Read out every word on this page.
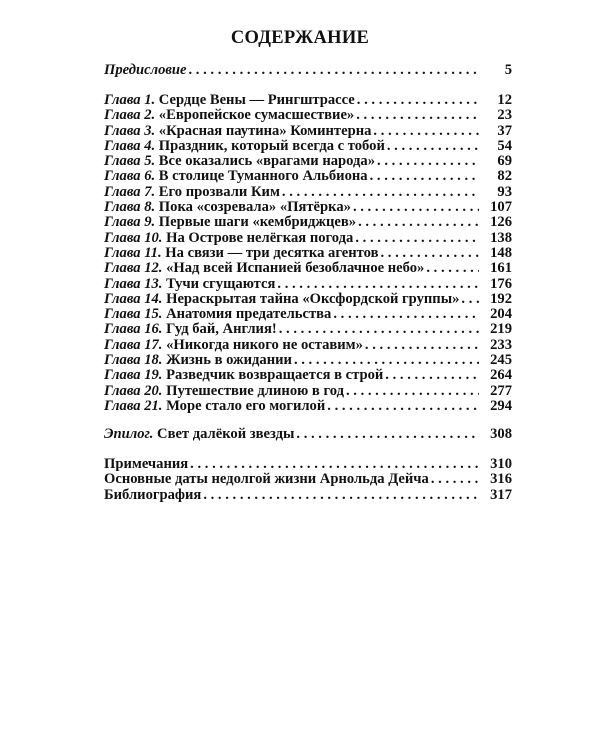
СОДЕРЖАНИЕ
Предисловие . . .	5
Глава 1. Сердце Вены — Рингштрассе . . .	12
Глава 2. «Европейское сумасшествие» . . .	23
Глава 3. «Красная паутина» Коминтерна . . .	37
Глава 4. Праздник, который всегда с тобой . . .	54
Глава 5. Все оказались «врагами народа» . . .	69
Глава 6. В столице Туманного Альбиона . . .	82
Глава 7. Его прозвали Ким . . .	93
Глава 8. Пока «созревала» «Пятёрка» . . .	107
Глава 9. Первые шаги «кембриджцев» . . .	126
Глава 10. На Острове нелёгкая погода . . .	138
Глава 11. На связи — три десятка агентов . . .	148
Глава 12. «Над всей Испанией безоблачное небо» . . .	161
Глава 13. Тучи сгущаются . . .	176
Глава 14. Нераскрытая тайна «Оксфордской группы» . . .	192
Глава 15. Анатомия предательства . . .	204
Глава 16. Гуд бай, Англия! . . .	219
Глава 17. «Никогда никого не оставим» . . .	233
Глава 18. Жизнь в ожидании . . .	245
Глава 19. Разведчик возвращается в строй . . .	264
Глава 20. Путешествие длиною в год . . .	277
Глава 21. Море стало его могилой . . .	294
Эпилог. Свет далёкой звезды . . .	308
Примечания . . .	310
Основные даты недолгой жизни Арнольда Дейча . . .	316
Библиография . . .	317
